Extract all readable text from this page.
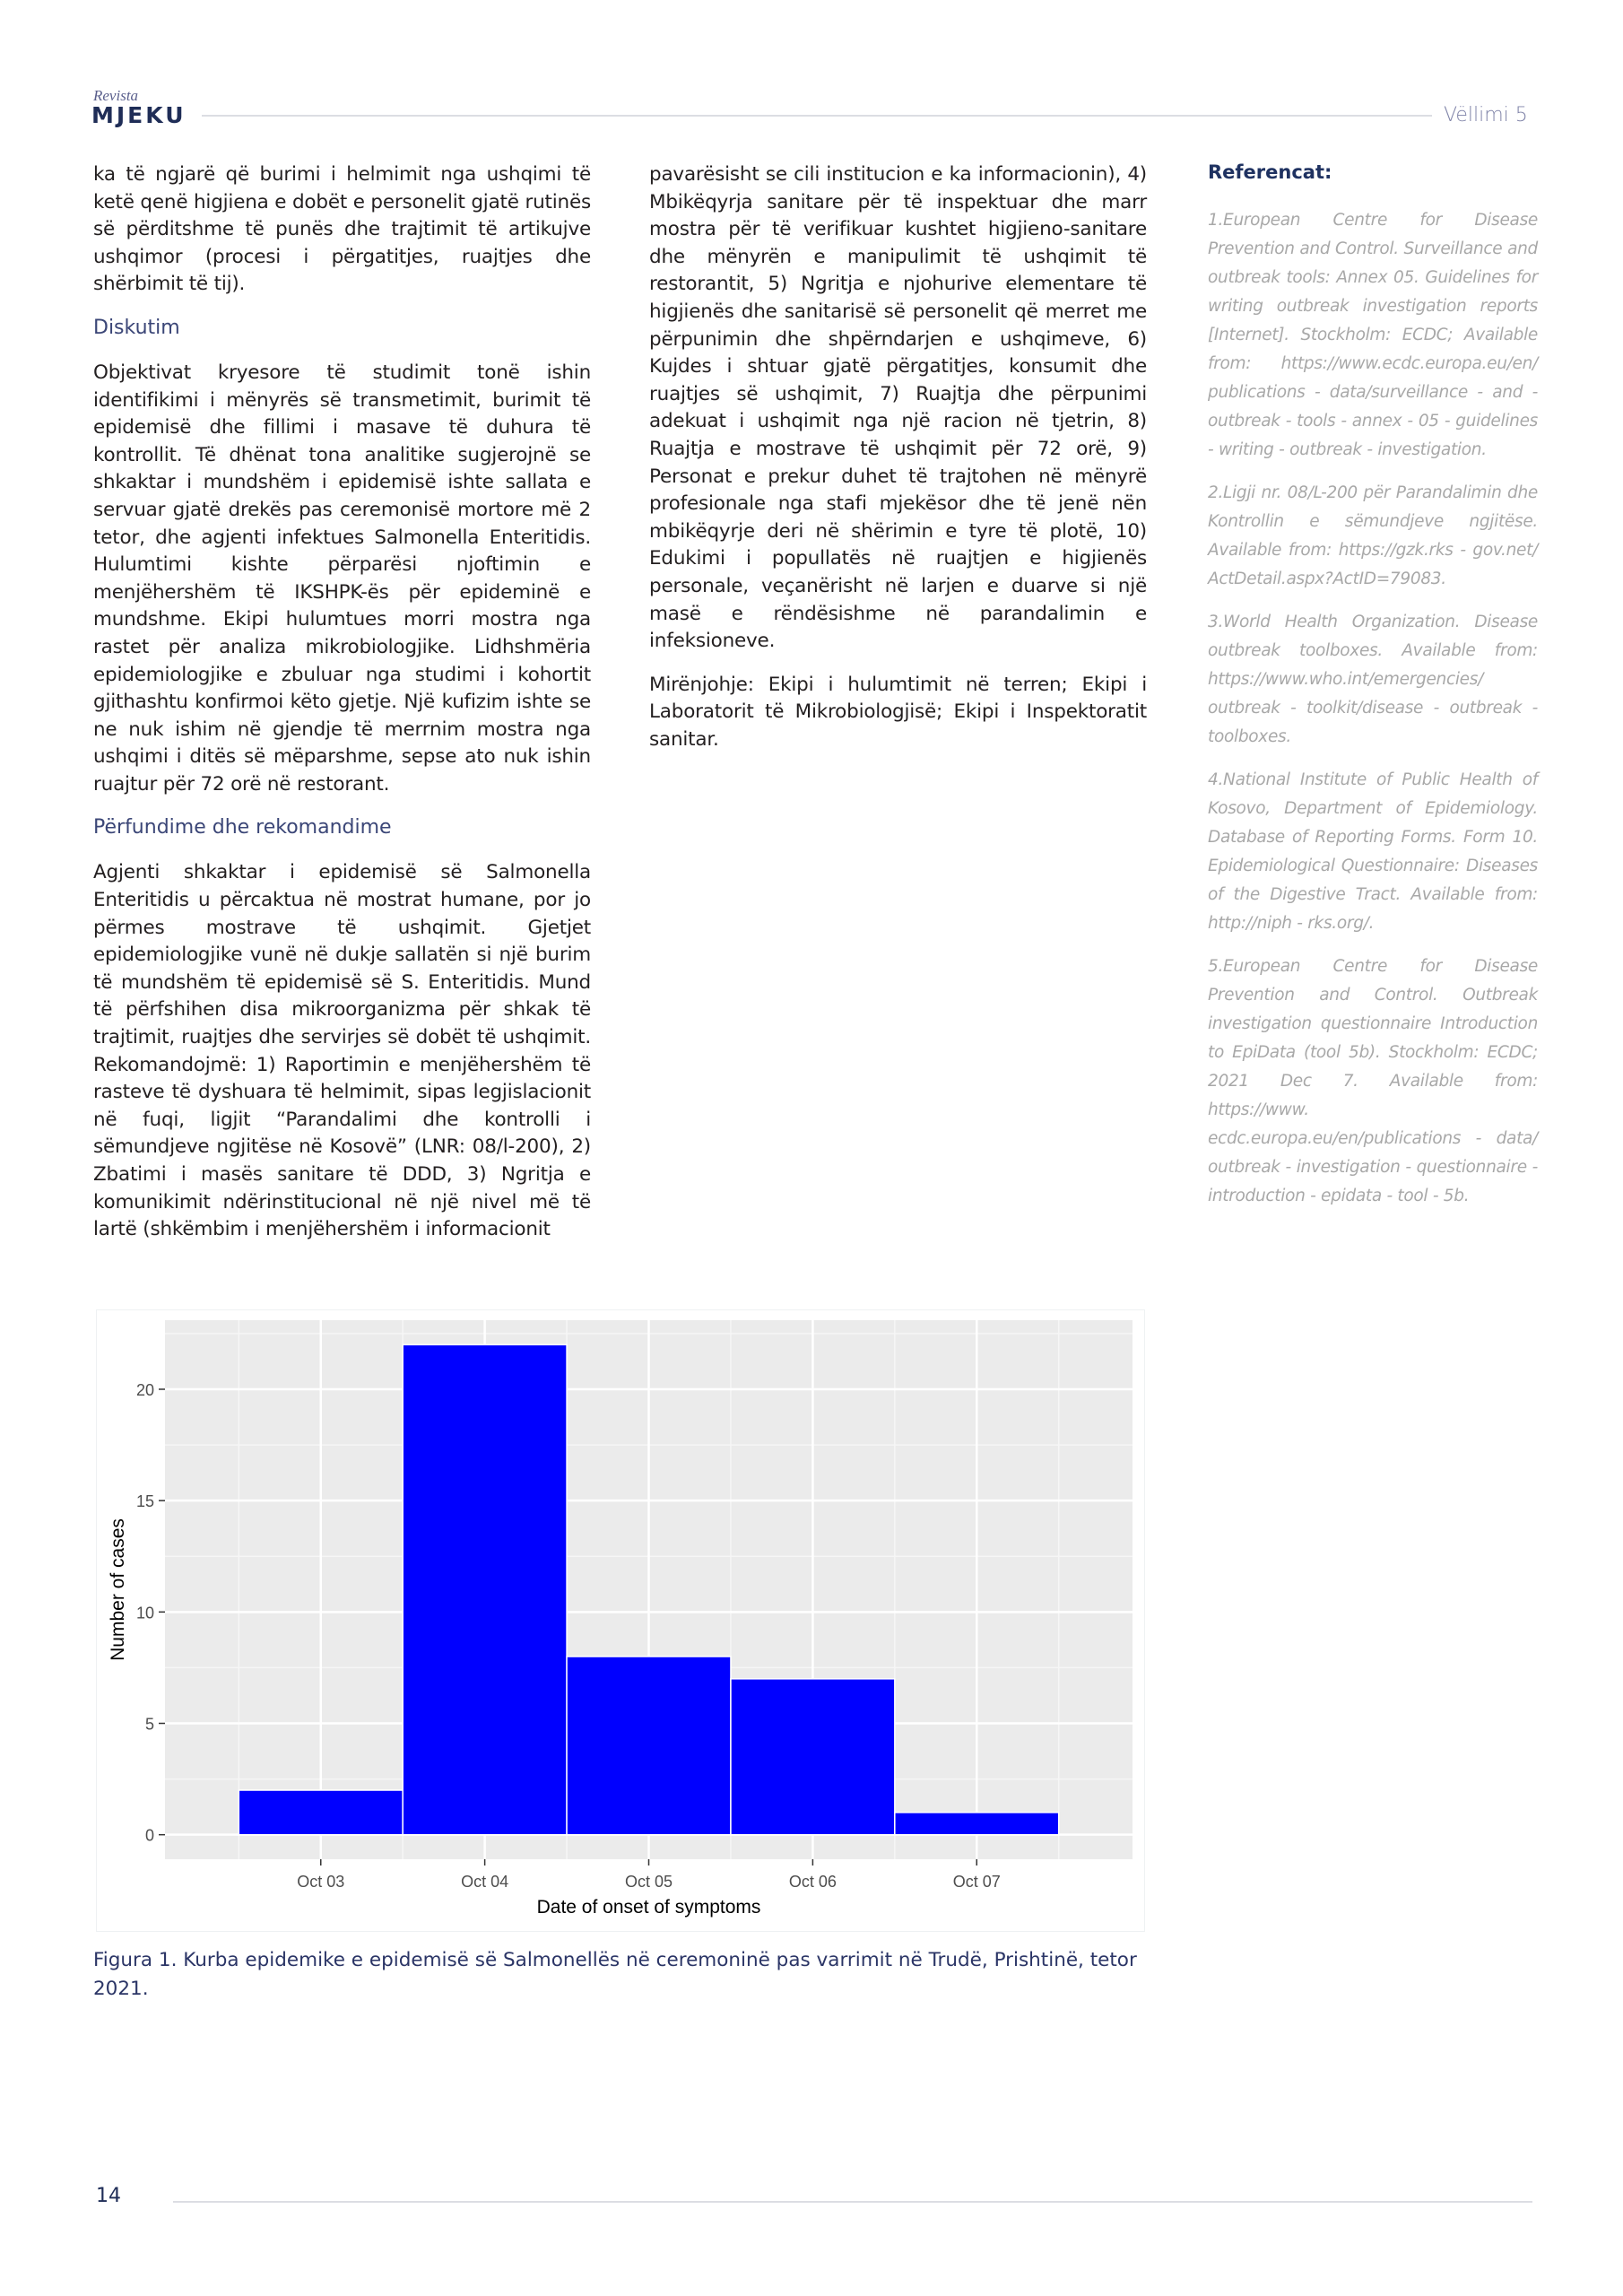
Revista
MJEKU	Vëllimi 5

ka të ngjarë që burimi i helmimit nga ushqimi të ketë qenë higjiena e dobët e personelit gjatë rutinës së përditshme të punës dhe trajtimit të artikujve ushqimor (procesi i përgatitjes, ruajtjes dhe shërbimit të tij).

Diskutim

Objektivat kryesore të studimit tonë ishin identifikimi i mënyrës së transmetimit, burimit të epidemisë dhe fillimi i masave të duhura të kontrollit. Të dhënat tona analitike sugjerojnë se shkaktar i mundshëm i epidemisë ishte sallata e servuar gjatë drekës pas ceremonisë mortore më 2 tetor, dhe agjenti infektues Salmonella Enteritidis. Hulumtimi kishte përparësi njoftimin e menjëhershëm të IKSHPK-ës për epideminë e mundshme. Ekipi hulumtues morri mostra nga rastet për analiza mikrobiologjike. Lidhshmëria epidemiologjike e zbuluar nga studimi i kohortit gjithashtu konfirmoi këto gjetje. Një kufizim ishte se ne nuk ishim në gjendje të merrnim mostra nga ushqimi i ditës së mëparshme, sepse ato nuk ishin ruajtur për 72 orë në restorant.

Përfundime dhe rekomandime

Agjenti shkaktar i epidemisë së Salmonella Enteritidis u përcaktua në mostrat humane, por jo përmes mostrave të ushqimit. Gjetjet epidemiologjike vunë në dukje sallatën si një burim të mundshëm të epidemisë së S. Enteritidis. Mund të përfshihen disa mikroorganizma për shkak të trajtimit, ruajtjes dhe servirjes së dobët të ushqimit. Rekomandojmë: 1) Raportimin e menjëhershëm të rasteve të dyshuara të helmimit, sipas legjislacionit në fuqi, ligjit “Parandalimi dhe kontrolli i sëmundjeve ngjitëse në Kosovë” (LNR: 08/l-200), 2) Zbatimi i masës sanitare të DDD, 3) Ngritja e komunikimit ndërinstitucional në një nivel më të lartë (shkëmbim i menjëhershëm i informacionit

pavarësisht se cili institucion e ka informacionin), 4) Mbikëqyrja sanitare për të inspektuar dhe marr mostra për të verifikuar kushtet higjieno-sanitare dhe mënyrën e manipulimit të ushqimit të restorantit, 5) Ngritja e njohurive elementare të higjienës dhe sanitarisë së personelit që merret me përpunimin dhe shpërndarjen e ushqimeve, 6) Kujdes i shtuar gjatë përgatitjes, konsumit dhe ruajtjes së ushqimit, 7) Ruajtja dhe përpunimi adekuat i ushqimit nga një racion në tjetrin, 8) Ruajtja e mostrave të ushqimit për 72 orë, 9) Personat e prekur duhet të trajtohen në mënyrë profesionale nga stafi mjekësor dhe të jenë nën mbikëqyrje deri në shërimin e tyre të plotë, 10) Edukimi i popullatës në ruajtjen e higjienës personale, veçanërisht në larjen e duarve si një masë e rëndësishme në parandalimin e infeksioneve.

Mirënjohje: Ekipi i hulumtimit në terren; Ekipi i Laboratorit të Mikrobiologjisë; Ekipi i Inspektoratit sanitar.

Referencat:

1.European Centre for Disease Prevention and Control. Surveillance and outbreak tools: Annex 05. Guidelines for writing outbreak investigation reports [Internet]. Stockholm: ECDC; Available from: https://www.ecdc.europa.eu/en/ publications - data/surveillance - and - outbreak - tools - annex - 05 - guidelines - writing - outbreak - investigation.

2.Ligji nr. 08/L-200 për Parandalimin dhe Kontrollin e sëmundjeve ngjitëse. Available from: https://gzk.rks - gov.net/ ActDetail.aspx?ActID=79083.

3.World Health Organization. Disease outbreak toolboxes. Available from: https://www.who.int/emergencies/ outbreak - toolkit/disease - outbreak - toolboxes.

4.National Institute of Public Health of Kosovo, Department of Epidemiology. Database of Reporting Forms. Form 10. Epidemiological Questionnaire: Diseases of the Digestive Tract. Available from: http://niph - rks.org/.

5.European Centre for Disease Prevention and Control. Outbreak investigation questionnaire Introduction to EpiData (tool 5b). Stockholm: ECDC; 2021 Dec 7. Available from: https://www. ecdc.europa.eu/en/publications - data/ outbreak - investigation - questionnaire - introduction - epidata - tool - 5b.

0
5
10
15
20
Oct 03	Oct 04	Oct 05	Oct 06	Oct 07
Number of cases
Date of onset of symptoms
Figura 1. Kurba epidemike e epidemisë së Salmonellës në ceremoninë pas varrimit në Trudë, Prishtinë, tetor 2021.
14
